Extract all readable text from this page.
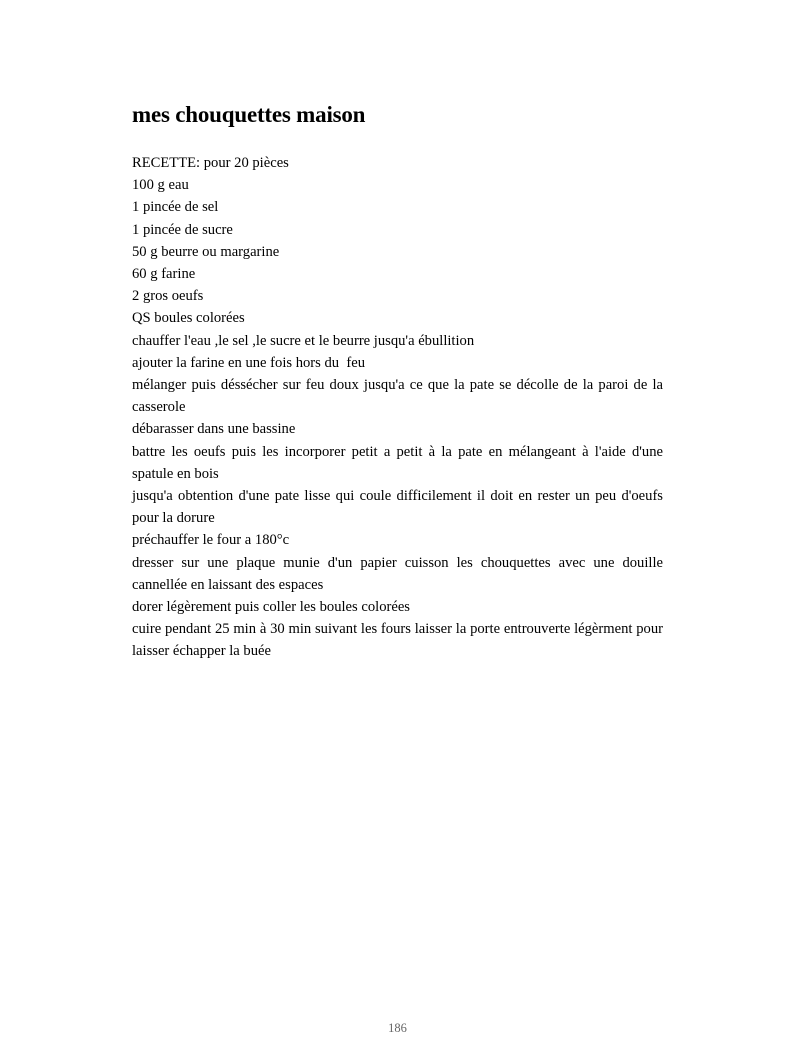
mes chouquettes maison

RECETTE: pour 20 pièces

100 g eau

1 pincée de sel

1 pincée de sucre

50 g beurre ou margarine

60 g farine

2 gros oeufs

QS boules colorées

chauffer l'eau ,le sel ,le sucre et le beurre jusqu'a ébullition

ajouter la farine en une fois hors du  feu

mélanger puis déssécher sur feu doux jusqu'a ce que la pate se décolle de la paroi de la casserole

débarasser dans une bassine

battre les oeufs puis les incorporer petit a petit à la pate en mélangeant à l'aide d'une spatule en bois

jusqu'a obtention d'une pate lisse qui coule difficilement il doit en rester un peu d'oeufs pour la dorure

préchauffer le four a 180°c

dresser sur une plaque munie d'un papier cuisson les chouquettes avec une douille cannellée en laissant des espaces

dorer légèrement puis coller les boules colorées

cuire pendant 25 min à 30 min suivant les fours laisser la porte entrouverte légèrment pour laisser échapper la buée

186
